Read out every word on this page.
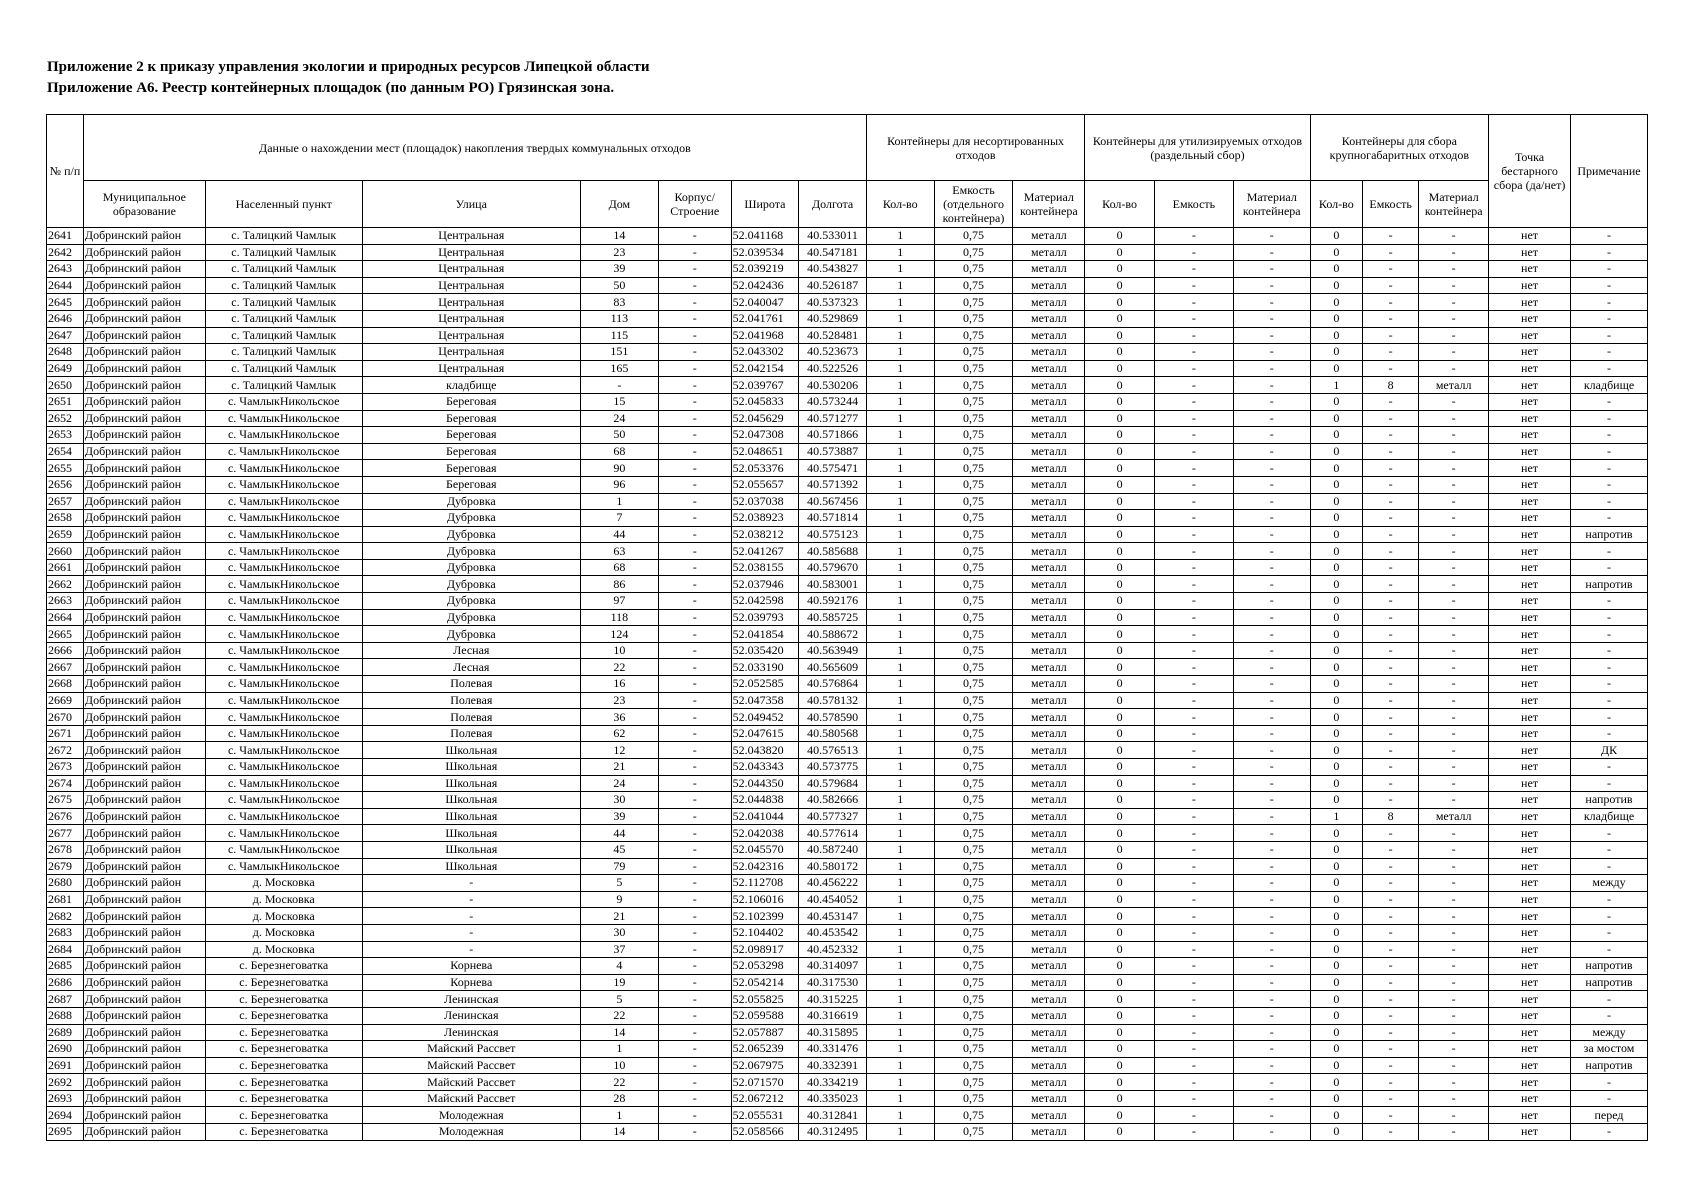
Приложение 2 к приказу управления экологии и природных ресурсов Липецкой области
Приложение А6. Реестр контейнерных площадок (по данным РО) Грязинская зона.
№ п/п	Данные о нахождении мест (площадок) накопления твердых коммунальных отходов							Контейнеры для несортированных отходов			Контейнеры для утилизируемых отходов (раздельный сбор)			Контейнеры для сбора крупногабаритных отходов			Точка бестарного сбора (да/нет)	Примечание
	Муниципальное образование	Населенный пункт	Улица	Дом	Корпус/ Строение	Широта	Долгота	Кол-во	Емкость (отдельного контейнера)	Материал контейнера	Кол-во	Емкость	Материал контейнера	Кол-во	Емкость	Материал контейнера		
2641	Добринский район	с. Талицкий Чамлык	Центральная	14	-	52.041168	40.533011	1	0,75	металл	0	-	-	0	-	-	нет	-
2642	Добринский район	с. Талицкий Чамлык	Центральная	23	-	52.039534	40.547181	1	0,75	металл	0	-	-	0	-	-	нет	-
2643	Добринский район	с. Талицкий Чамлык	Центральная	39	-	52.039219	40.543827	1	0,75	металл	0	-	-	0	-	-	нет	-
2644	Добринский район	с. Талицкий Чамлык	Центральная	50	-	52.042436	40.526187	1	0,75	металл	0	-	-	0	-	-	нет	-
2645	Добринский район	с. Талицкий Чамлык	Центральная	83	-	52.040047	40.537323	1	0,75	металл	0	-	-	0	-	-	нет	-
2646	Добринский район	с. Талицкий Чамлык	Центральная	113	-	52.041761	40.529869	1	0,75	металл	0	-	-	0	-	-	нет	-
2647	Добринский район	с. Талицкий Чамлык	Центральная	115	-	52.041968	40.528481	1	0,75	металл	0	-	-	0	-	-	нет	-
2648	Добринский район	с. Талицкий Чамлык	Центральная	151	-	52.043302	40.523673	1	0,75	металл	0	-	-	0	-	-	нет	-
2649	Добринский район	с. Талицкий Чамлык	Центральная	165	-	52.042154	40.522526	1	0,75	металл	0	-	-	0	-	-	нет	-
2650	Добринский район	с. Талицкий Чамлык	кладбище	-	-	52.039767	40.530206	1	0,75	металл	0	-	-	1	8	металл	нет	кладбище
2651	Добринский район	с. ЧамлыкНикольское	Береговая	15	-	52.045833	40.573244	1	0,75	металл	0	-	-	0	-	-	нет	-
2652	Добринский район	с. ЧамлыкНикольское	Береговая	24	-	52.045629	40.571277	1	0,75	металл	0	-	-	0	-	-	нет	-
2653	Добринский район	с. ЧамлыкНикольское	Береговая	50	-	52.047308	40.571866	1	0,75	металл	0	-	-	0	-	-	нет	-
2654	Добринский район	с. ЧамлыкНикольское	Береговая	68	-	52.048651	40.573887	1	0,75	металл	0	-	-	0	-	-	нет	-
2655	Добринский район	с. ЧамлыкНикольское	Береговая	90	-	52.053376	40.575471	1	0,75	металл	0	-	-	0	-	-	нет	-
2656	Добринский район	с. ЧамлыкНикольское	Береговая	96	-	52.055657	40.571392	1	0,75	металл	0	-	-	0	-	-	нет	-
2657	Добринский район	с. ЧамлыкНикольское	Дубровка	1	-	52.037038	40.567456	1	0,75	металл	0	-	-	0	-	-	нет	-
2658	Добринский район	с. ЧамлыкНикольское	Дубровка	7	-	52.038923	40.571814	1	0,75	металл	0	-	-	0	-	-	нет	-
2659	Добринский район	с. ЧамлыкНикольское	Дубровка	44	-	52.038212	40.575123	1	0,75	металл	0	-	-	0	-	-	нет	напротив
2660	Добринский район	с. ЧамлыкНикольское	Дубровка	63	-	52.041267	40.585688	1	0,75	металл	0	-	-	0	-	-	нет	-
2661	Добринский район	с. ЧамлыкНикольское	Дубровка	68	-	52.038155	40.579670	1	0,75	металл	0	-	-	0	-	-	нет	-
2662	Добринский район	с. ЧамлыкНикольское	Дубровка	86	-	52.037946	40.583001	1	0,75	металл	0	-	-	0	-	-	нет	напротив
2663	Добринский район	с. ЧамлыкНикольское	Дубровка	97	-	52.042598	40.592176	1	0,75	металл	0	-	-	0	-	-	нет	-
2664	Добринский район	с. ЧамлыкНикольское	Дубровка	118	-	52.039793	40.585725	1	0,75	металл	0	-	-	0	-	-	нет	-
2665	Добринский район	с. ЧамлыкНикольское	Дубровка	124	-	52.041854	40.588672	1	0,75	металл	0	-	-	0	-	-	нет	-
2666	Добринский район	с. ЧамлыкНикольское	Лесная	10	-	52.035420	40.563949	1	0,75	металл	0	-	-	0	-	-	нет	-
2667	Добринский район	с. ЧамлыкНикольское	Лесная	22	-	52.033190	40.565609	1	0,75	металл	0	-	-	0	-	-	нет	-
2668	Добринский район	с. ЧамлыкНикольское	Полевая	16	-	52.052585	40.576864	1	0,75	металл	0	-	-	0	-	-	нет	-
2669	Добринский район	с. ЧамлыкНикольское	Полевая	23	-	52.047358	40.578132	1	0,75	металл	0	-	-	0	-	-	нет	-
2670	Добринский район	с. ЧамлыкНикольское	Полевая	36	-	52.049452	40.578590	1	0,75	металл	0	-	-	0	-	-	нет	-
2671	Добринский район	с. ЧамлыкНикольское	Полевая	62	-	52.047615	40.580568	1	0,75	металл	0	-	-	0	-	-	нет	-
2672	Добринский район	с. ЧамлыкНикольское	Школьная	12	-	52.043820	40.576513	1	0,75	металл	0	-	-	0	-	-	нет	ДК
2673	Добринский район	с. ЧамлыкНикольское	Школьная	21	-	52.043343	40.573775	1	0,75	металл	0	-	-	0	-	-	нет	-
2674	Добринский район	с. ЧамлыкНикольское	Школьная	24	-	52.044350	40.579684	1	0,75	металл	0	-	-	0	-	-	нет	-
2675	Добринский район	с. ЧамлыкНикольское	Школьная	30	-	52.044838	40.582666	1	0,75	металл	0	-	-	0	-	-	нет	напротив
2676	Добринский район	с. ЧамлыкНикольское	Школьная	39	-	52.041044	40.577327	1	0,75	металл	0	-	-	1	8	металл	нет	кладбище
2677	Добринский район	с. ЧамлыкНикольское	Школьная	44	-	52.042038	40.577614	1	0,75	металл	0	-	-	0	-	-	нет	-
2678	Добринский район	с. ЧамлыкНикольское	Школьная	45	-	52.045570	40.587240	1	0,75	металл	0	-	-	0	-	-	нет	-
2679	Добринский район	с. ЧамлыкНикольское	Школьная	79	-	52.042316	40.580172	1	0,75	металл	0	-	-	0	-	-	нет	-
2680	Добринский район	д. Московка	-	5	-	52.112708	40.456222	1	0,75	металл	0	-	-	0	-	-	нет	между
2681	Добринский район	д. Московка	-	9	-	52.106016	40.454052	1	0,75	металл	0	-	-	0	-	-	нет	-
2682	Добринский район	д. Московка	-	21	-	52.102399	40.453147	1	0,75	металл	0	-	-	0	-	-	нет	-
2683	Добринский район	д. Московка	-	30	-	52.104402	40.453542	1	0,75	металл	0	-	-	0	-	-	нет	-
2684	Добринский район	д. Московка	-	37	-	52.098917	40.452332	1	0,75	металл	0	-	-	0	-	-	нет	-
2685	Добринский район	с. Березнеговатка	Корнева	4	-	52.053298	40.314097	1	0,75	металл	0	-	-	0	-	-	нет	напротив
2686	Добринский район	с. Березнеговатка	Корнева	19	-	52.054214	40.317530	1	0,75	металл	0	-	-	0	-	-	нет	напротив
2687	Добринский район	с. Березнеговатка	Ленинская	5	-	52.055825	40.315225	1	0,75	металл	0	-	-	0	-	-	нет	-
2688	Добринский район	с. Березнеговатка	Ленинская	22	-	52.059588	40.316619	1	0,75	металл	0	-	-	0	-	-	нет	-
2689	Добринский район	с. Березнеговатка	Ленинская	14	-	52.057887	40.315895	1	0,75	металл	0	-	-	0	-	-	нет	между
2690	Добринский район	с. Березнеговатка	Майский Рассвет	1	-	52.065239	40.331476	1	0,75	металл	0	-	-	0	-	-	нет	за мостом
2691	Добринский район	с. Березнеговатка	Майский Рассвет	10	-	52.067975	40.332391	1	0,75	металл	0	-	-	0	-	-	нет	напротив
2692	Добринский район	с. Березнеговатка	Майский Рассвет	22	-	52.071570	40.334219	1	0,75	металл	0	-	-	0	-	-	нет	-
2693	Добринский район	с. Березнеговатка	Майский Рассвет	28	-	52.067212	40.335023	1	0,75	металл	0	-	-	0	-	-	нет	-
2694	Добринский район	с. Березнеговатка	Молодежная	1	-	52.055531	40.312841	1	0,75	металл	0	-	-	0	-	-	нет	перед
2695	Добринский район	с. Березнеговатка	Молодежная	14	-	52.058566	40.312495	1	0,75	металл	0	-	-	0	-	-	нет	-
